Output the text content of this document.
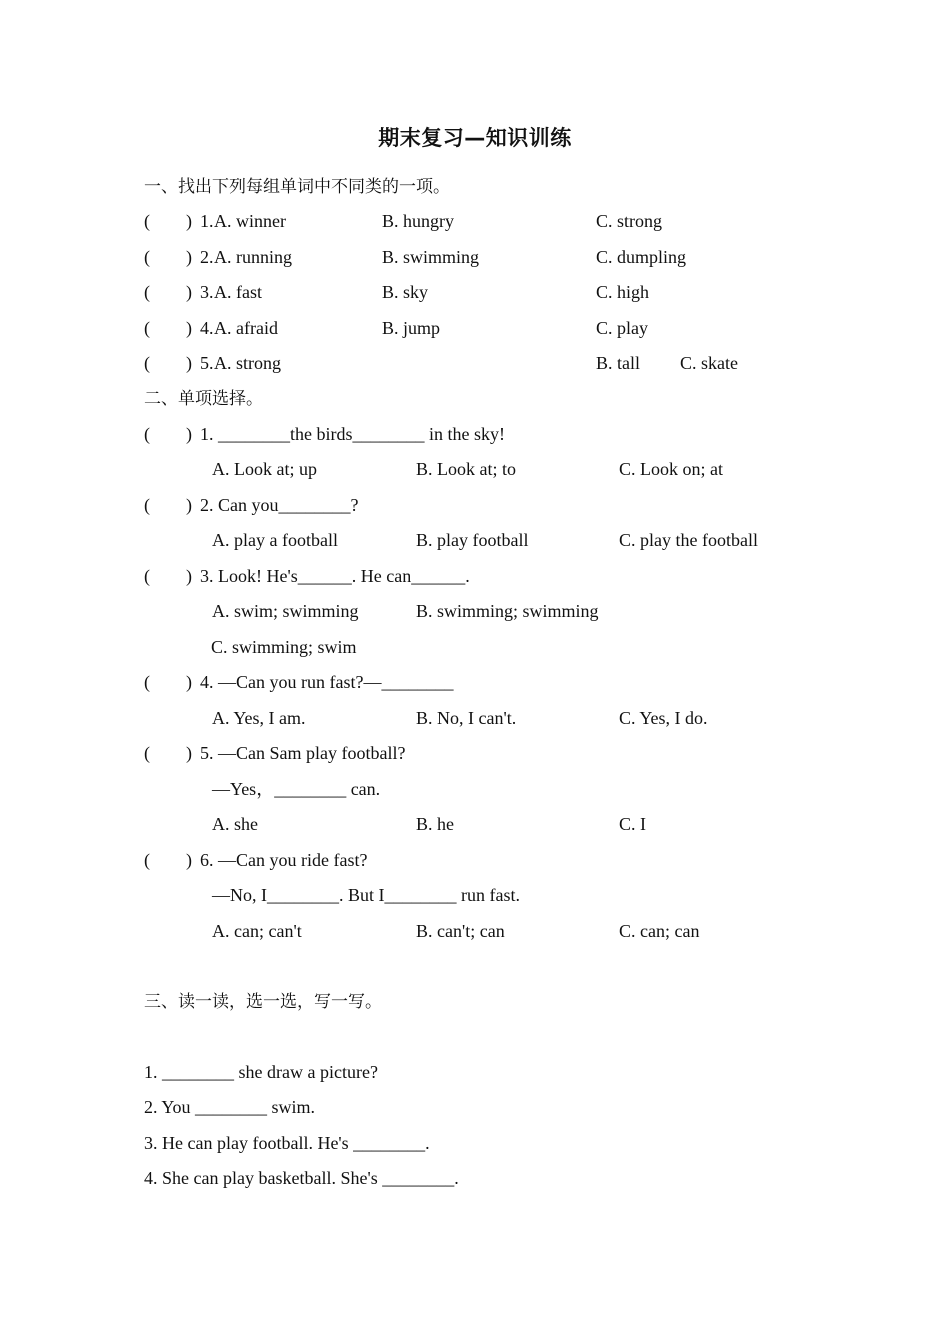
期末复习—知识训练
一、找出下列每组单词中不同类的一项。
(        ) 1. A. winner	B. hungry	C. strong
(        ) 2. A. running	B. swimming	C. dumpling
(        ) 3. A. fast	B. sky	C. high
(        ) 4. A. afraid	B. jump	C. play
(        ) 5. A. strong	B. tall C. skate
二、单项选择。
(        ) 1. ________the birds________ in the sky!
A. Look at; up	B. Look at; to	C. Look on; at
(        ) 2. Can you________?
A. play a football	B. play football	C. play the football
(        ) 3. Look! He's______. He can______.
A. swim; swimming	B. swimming; swimming
C. swimming; swim
(        ) 4. —Can you run fast?—________
A. Yes, I am.	B. No, I can't.	C. Yes, I do.
(        ) 5. —Can Sam play football?
—Yes，________ can.
A. she	B. he	C. I
(        ) 6. —Can you ride fast?
—No, I________. But I________ run fast.
A. can; can't	B. can't; can	C. can; can
三、读一读，选一选，写一写。
1. ________ she draw a picture?
2. You ________ swim.
3. He can play football. He's ________.
4. She can play basketball. She's ________.
